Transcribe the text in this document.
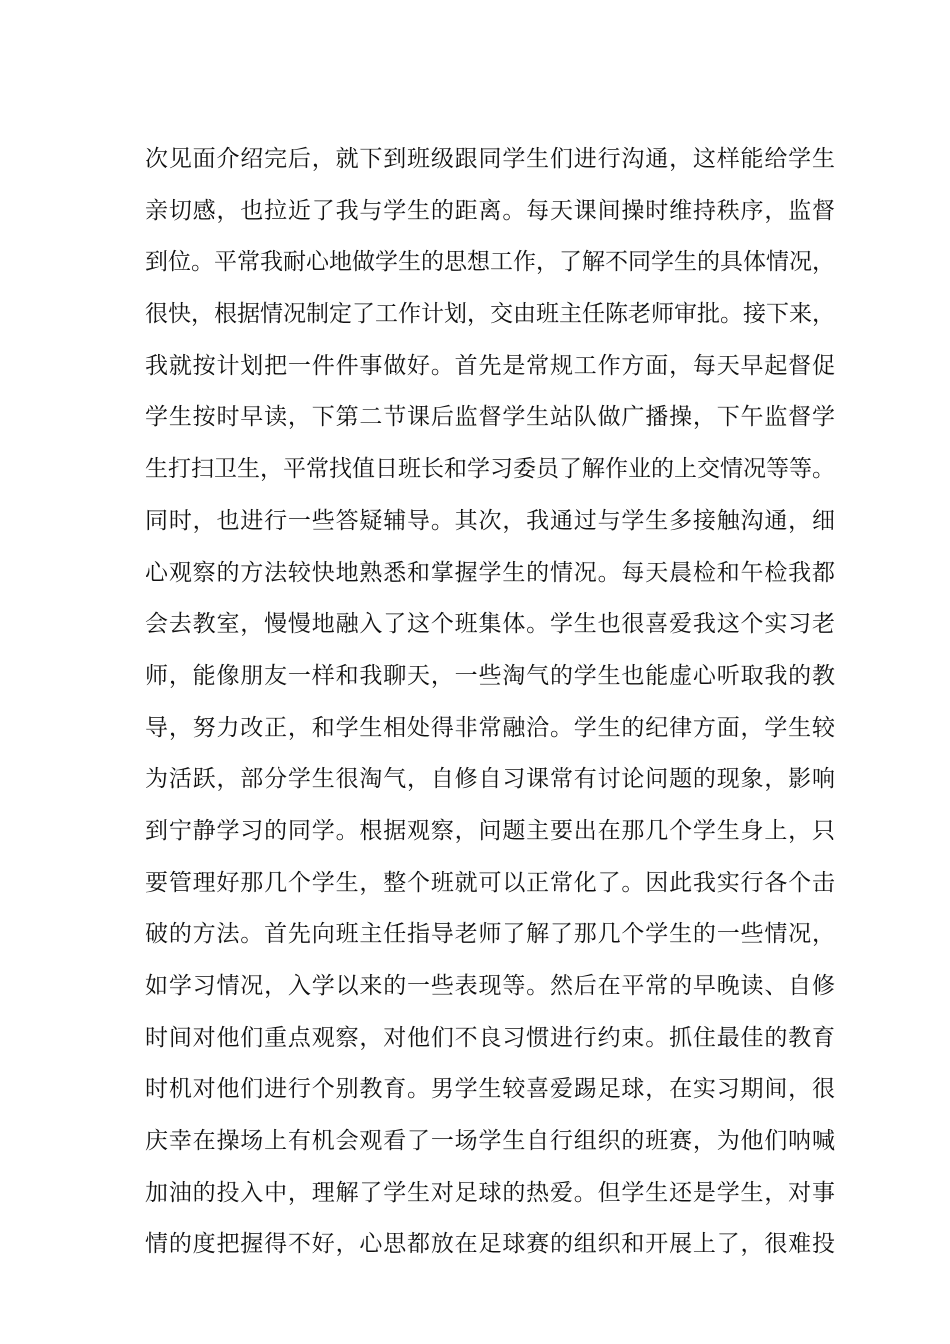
次见面介绍完后，就下到班级跟同学生们进行沟通，这样能给学生
亲切感，也拉近了我与学生的距离。每天课间操时维持秩序，监督
到位。平常我耐心地做学生的思想工作，了解不同学生的具体情况，
很快，根据情况制定了工作计划，交由班主任陈老师审批。接下来，
我就按计划把一件件事做好。首先是常规工作方面，每天早起督促
学生按时早读，下第二节课后监督学生站队做广播操，下午监督学
生打扫卫生，平常找值日班长和学习委员了解作业的上交情况等等。
同时，也进行一些答疑辅导。其次，我通过与学生多接触沟通，细
心观察的方法较快地熟悉和掌握学生的情况。每天晨检和午检我都
会去教室，慢慢地融入了这个班集体。学生也很喜爱我这个实习老
师，能像朋友一样和我聊天，一些淘气的学生也能虚心听取我的教
导，努力改正，和学生相处得非常融洽。学生的纪律方面，学生较
为活跃，部分学生很淘气，自修自习课常有讨论问题的现象，影响
到宁静学习的同学。根据观察，问题主要出在那几个学生身上，只
要管理好那几个学生，整个班就可以正常化了。因此我实行各个击
破的方法。首先向班主任指导老师了解了那几个学生的一些情况，
如学习情况，入学以来的一些表现等。然后在平常的早晚读、自修
时间对他们重点观察，对他们不良习惯进行约束。抓住最佳的教育
时机对他们进行个别教育。男学生较喜爱踢足球，在实习期间，很
庆幸在操场上有机会观看了一场学生自行组织的班赛，为他们呐喊
加油的投入中，理解了学生对足球的热爱。但学生还是学生，对事
情的度把握得不好，心思都放在足球赛的组织和开展上了，很难投
